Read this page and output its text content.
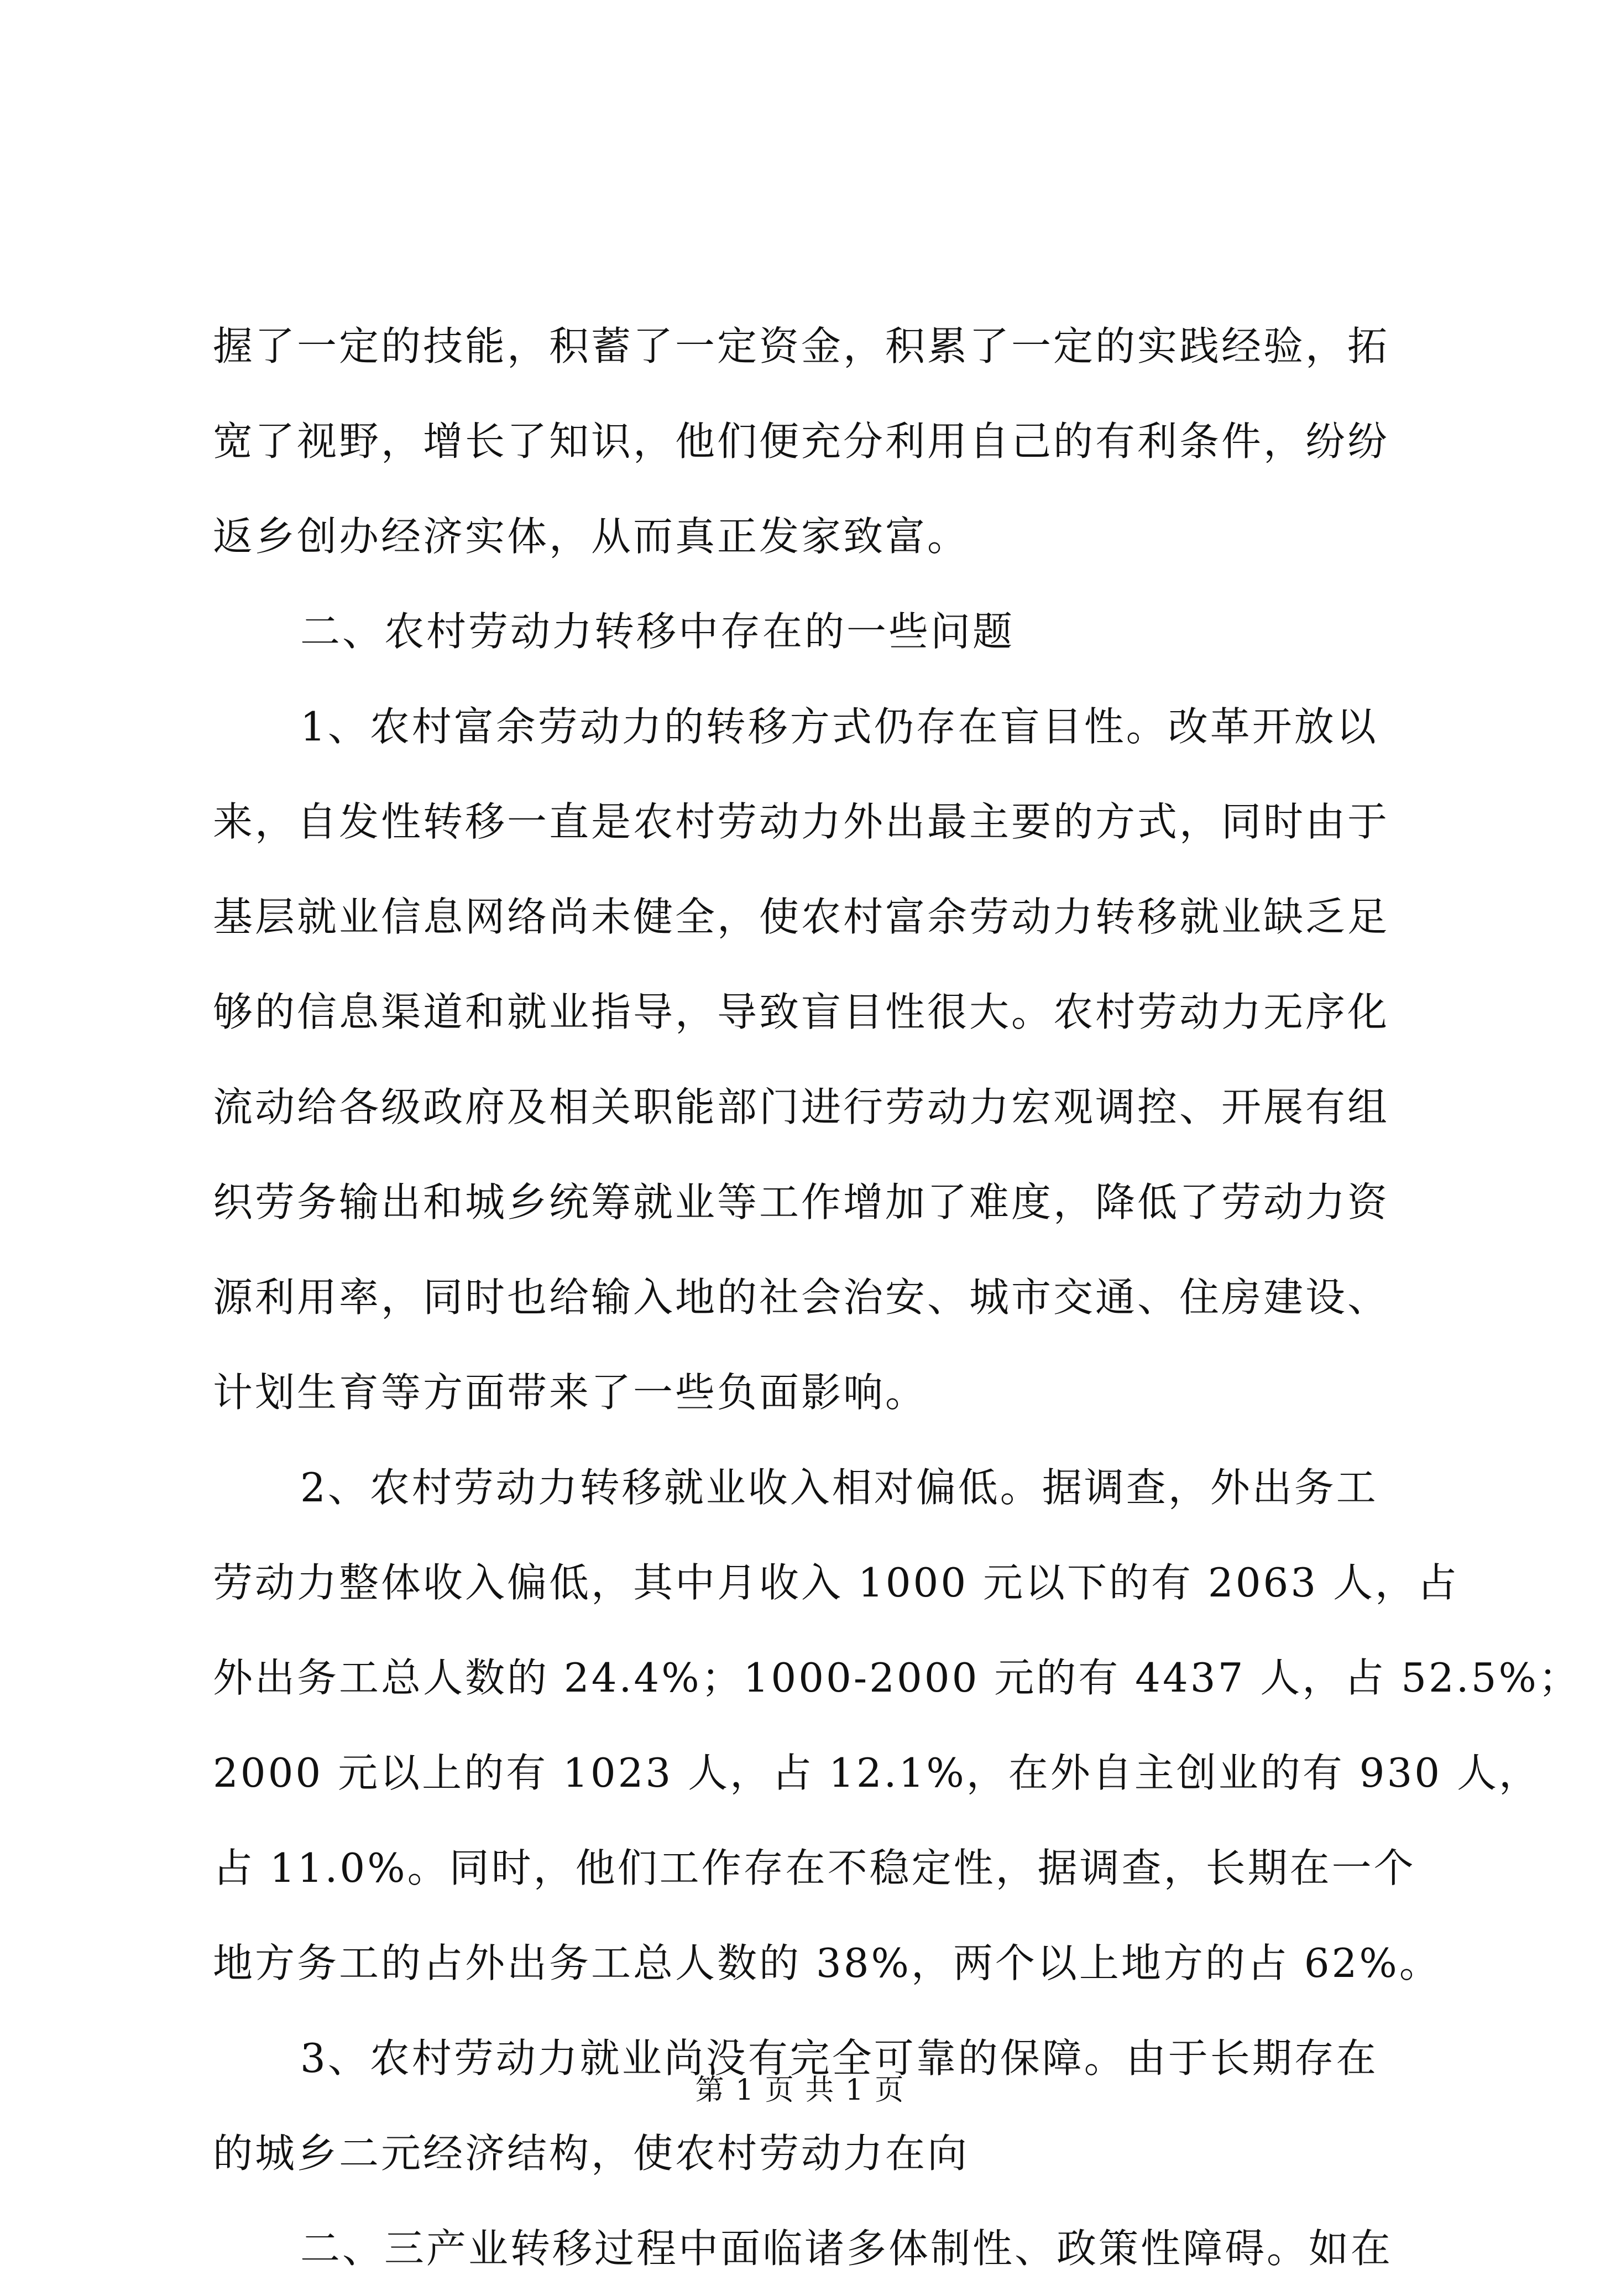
握了一定的技能，积蓄了一定资金，积累了一定的实践经验，拓
宽了视野，增长了知识，他们便充分利用自己的有利条件，纷纷
返乡创办经济实体，从而真正发家致富。
二、农村劳动力转移中存在的一些问题
1、农村富余劳动力的转移方式仍存在盲目性。改革开放以
来，自发性转移一直是农村劳动力外出最主要的方式，同时由于
基层就业信息网络尚未健全，使农村富余劳动力转移就业缺乏足
够的信息渠道和就业指导，导致盲目性很大。农村劳动力无序化
流动给各级政府及相关职能部门进行劳动力宏观调控、开展有组
织劳务输出和城乡统筹就业等工作增加了难度，降低了劳动力资
源利用率，同时也给输入地的社会治安、城市交通、住房建设、
计划生育等方面带来了一些负面影响。
2、农村劳动力转移就业收入相对偏低。据调查，外出务工
劳动力整体收入偏低，其中月收入 1000 元以下的有 2063 人，占
外出务工总人数的 24.4%；1000-2000 元的有 4437 人，占 52.5%；
2000 元以上的有 1023 人，占 12.1%，在外自主创业的有 930 人，
占 11.0%。同时，他们工作存在不稳定性，据调查，长期在一个
地方务工的占外出务工总人数的 38%，两个以上地方的占 62%。
3、农村劳动力就业尚没有完全可靠的保障。由于长期存在
的城乡二元经济结构，使农村劳动力在向
二、三产业转移过程中面临诸多体制性、政策性障碍。如在
第 1 页 共 1 页
